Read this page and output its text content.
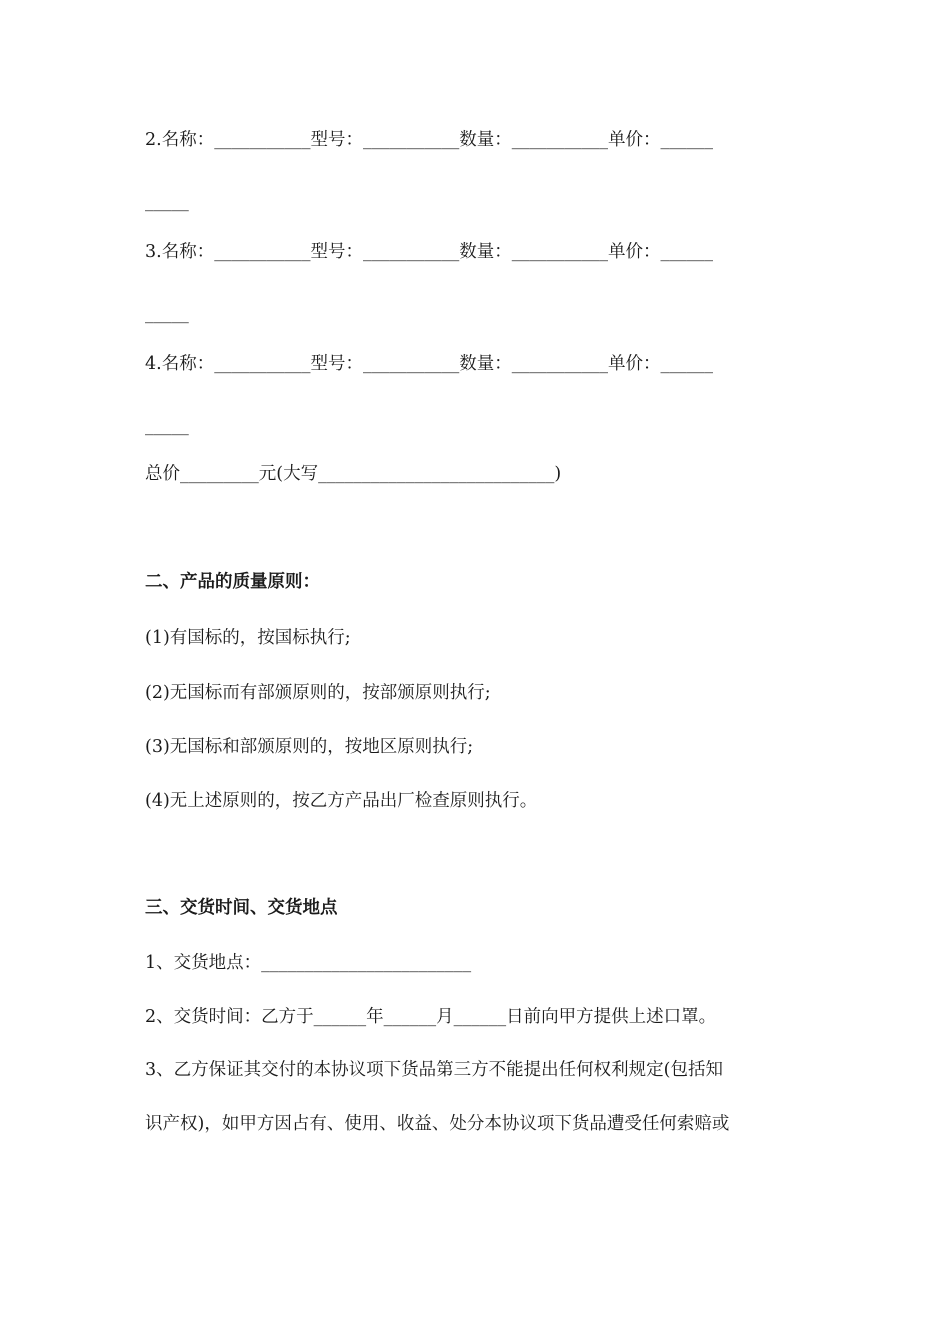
2.名称：___________型号：___________数量：___________单价：______
_____
3.名称：___________型号：___________数量：___________单价：______
_____
4.名称：___________型号：___________数量：___________单价：______
_____
总价_________元(大写___________________________)
二、产品的质量原则：
(1)有国标的，按国标执行;
(2)无国标而有部颁原则的，按部颁原则执行;
(3)无国标和部颁原则的，按地区原则执行;
(4)无上述原则的，按乙方产品出厂检查原则执行。
三、交货时间、交货地点
1、交货地点：________________________
2、交货时间：乙方于______年______月______日前向甲方提供上述口罩。
3、乙方保证其交付的本协议项下货品第三方不能提出任何权利规定(包括知
识产权)，如甲方因占有、使用、收益、处分本协议项下货品遭受任何索赔或
